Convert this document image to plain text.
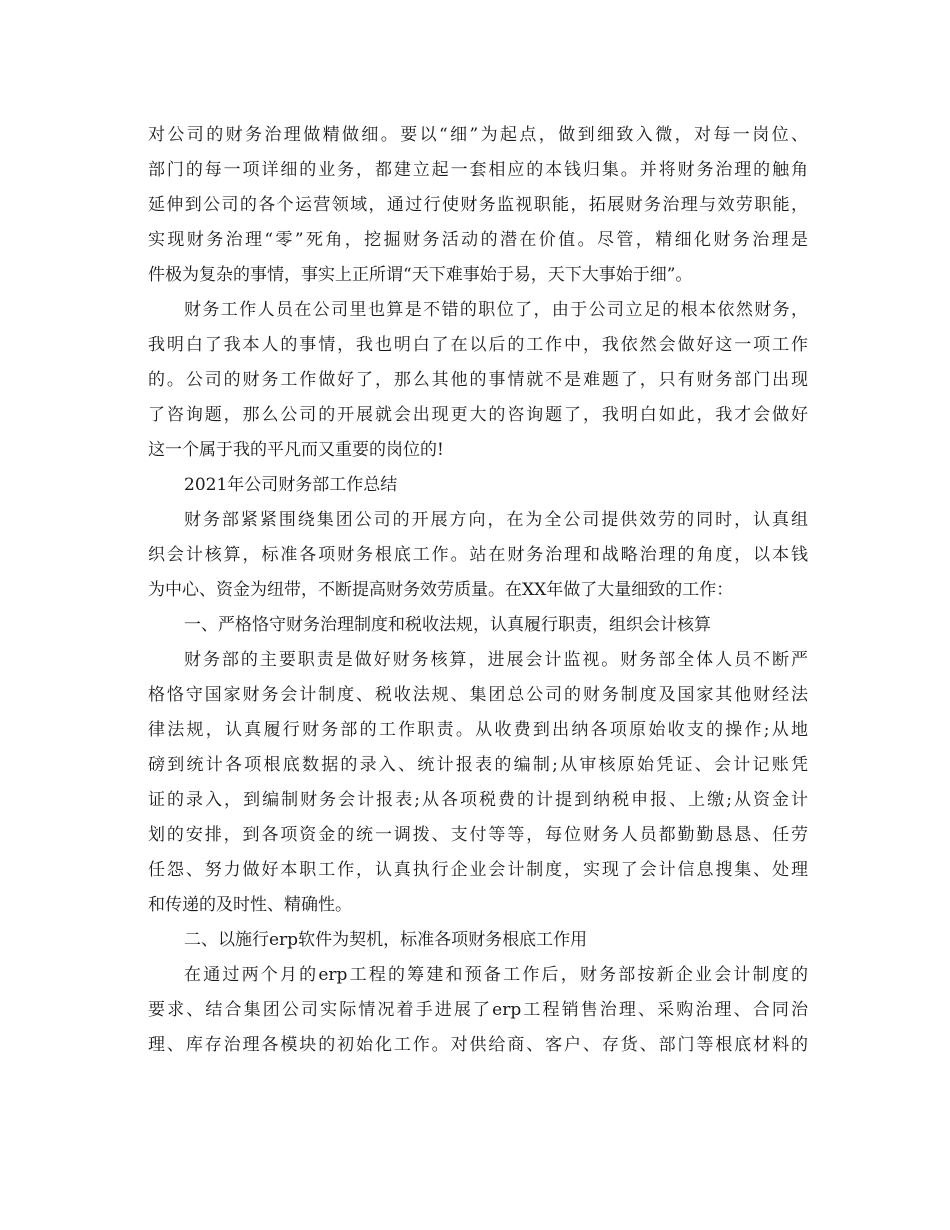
对公司的财务治理做精做细。要以“细”为起点，做到细致入微，对每一岗位、
部门的每一项详细的业务，都建立起一套相应的本钱归集。并将财务治理的触角
延伸到公司的各个运营领域，通过行使财务监视职能，拓展财务治理与效劳职能，
实现财务治理“零”死角，挖掘财务活动的潜在价值。尽管，精细化财务治理是
件极为复杂的事情，事实上正所谓“天下难事始于易，天下大事始于细”。
财务工作人员在公司里也算是不错的职位了，由于公司立足的根本依然财务，
我明白了我本人的事情，我也明白了在以后的工作中，我依然会做好这一项工作
的。公司的财务工作做好了，那么其他的事情就不是难题了，只有财务部门出现
了咨询题，那么公司的开展就会出现更大的咨询题了，我明白如此，我才会做好
这一个属于我的平凡而又重要的岗位的!
2021年公司财务部工作总结
财务部紧紧围绕集团公司的开展方向，在为全公司提供效劳的同时，认真组
织会计核算，标准各项财务根底工作。站在财务治理和战略治理的角度，以本钱
为中心、资金为纽带，不断提高财务效劳质量。在XX年做了大量细致的工作：
一、严格恪守财务治理制度和税收法规，认真履行职责，组织会计核算
财务部的主要职责是做好财务核算，进展会计监视。财务部全体人员不断严
格恪守国家财务会计制度、税收法规、集团总公司的财务制度及国家其他财经法
律法规，认真履行财务部的工作职责。从收费到出纳各项原始收支的操作;从地
磅到统计各项根底数据的录入、统计报表的编制;从审核原始凭证、会计记账凭
证的录入，到编制财务会计报表;从各项税费的计提到纳税申报、上缴;从资金计
划的安排，到各项资金的统一调拨、支付等等，每位财务人员都勤勤恳恳、任劳
任怨、努力做好本职工作，认真执行企业会计制度，实现了会计信息搜集、处理
和传递的及时性、精确性。
二、以施行erp软件为契机，标准各项财务根底工作用
在通过两个月的erp工程的筹建和预备工作后，财务部按新企业会计制度的
要求、结合集团公司实际情况着手进展了erp工程销售治理、采购治理、合同治
理、库存治理各模块的初始化工作。对供给商、客户、存货、部门等根底材料的
